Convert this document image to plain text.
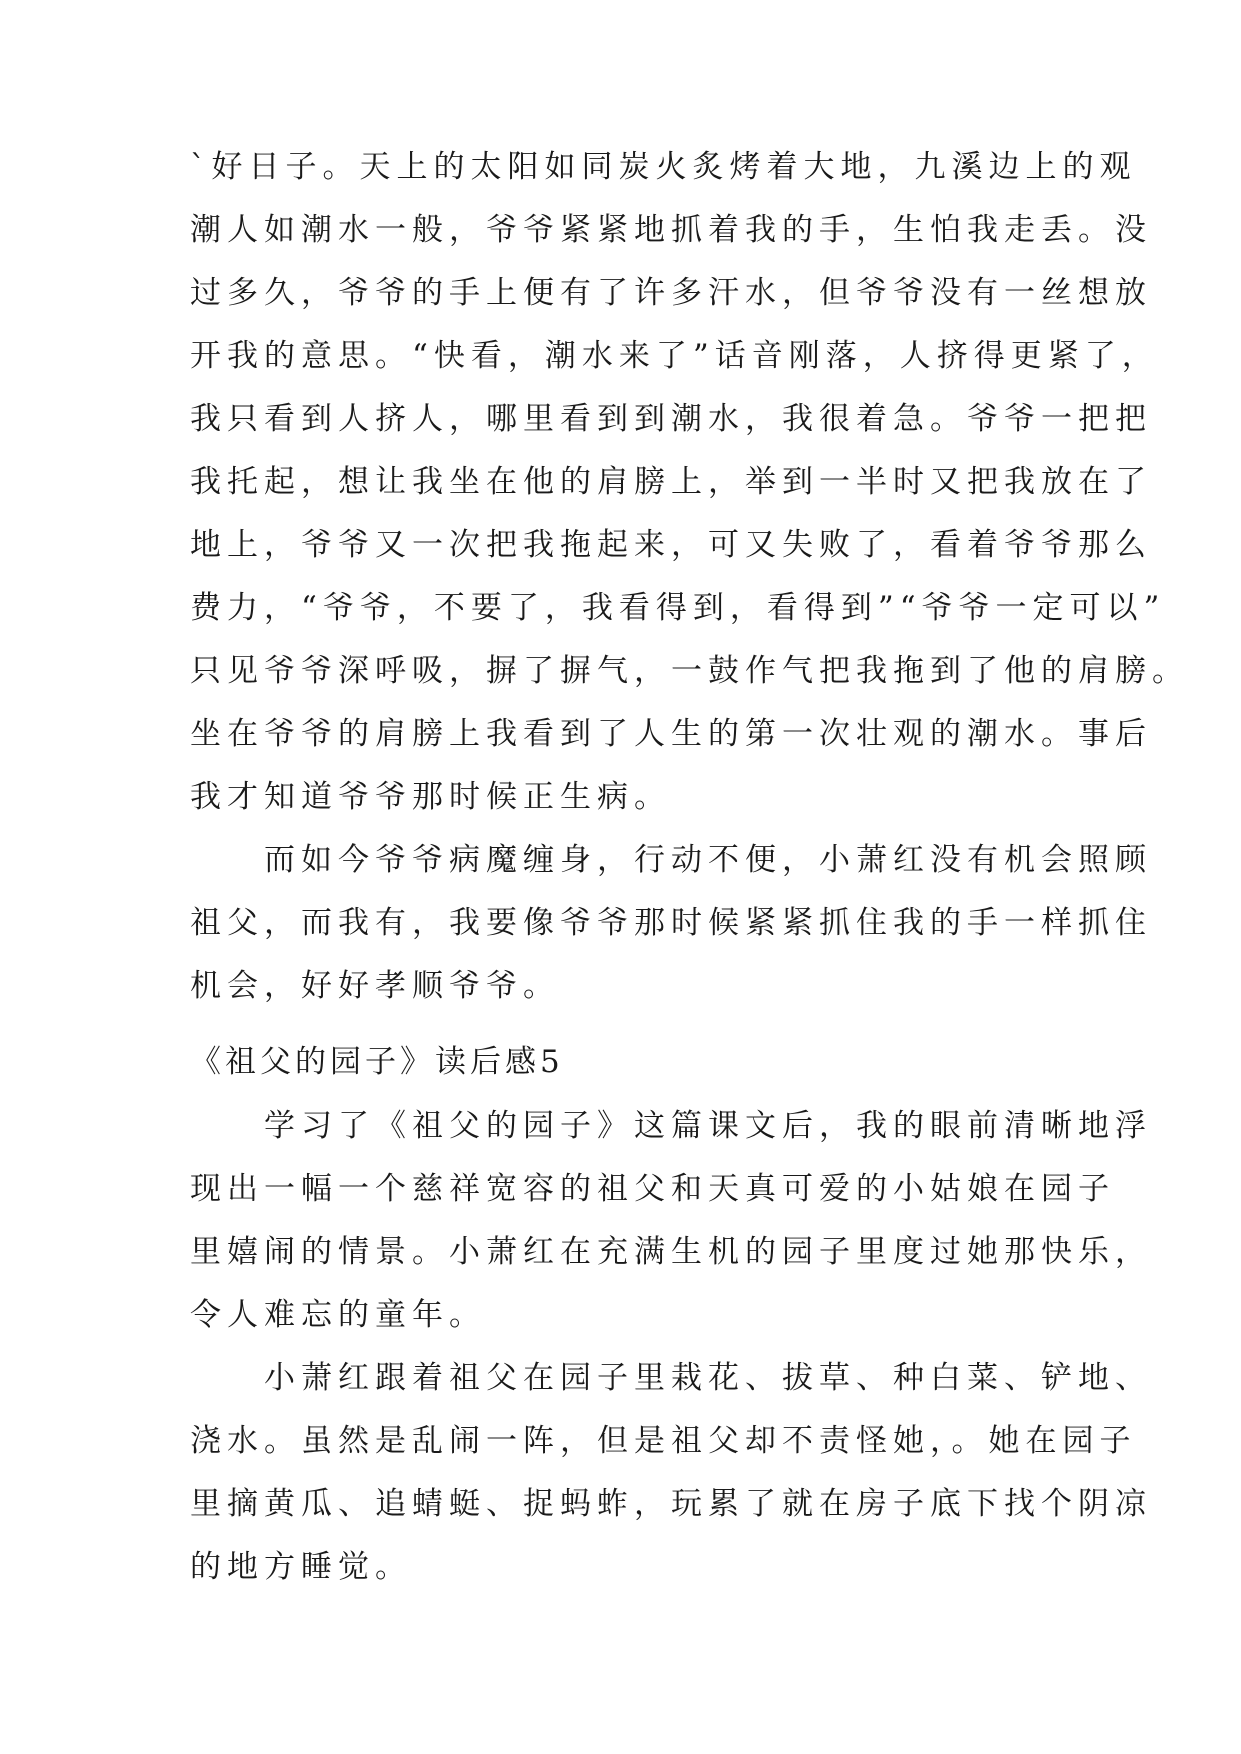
`好日子。天上的太阳如同炭火炙烤着大地，九溪边上的观
潮人如潮水一般，爷爷紧紧地抓着我的手，生怕我走丢。没
过多久，爷爷的手上便有了许多汗水，但爷爷没有一丝想放
开我的意思。“快看，潮水来了”话音刚落，人挤得更紧了，
我只看到人挤人，哪里看到到潮水，我很着急。爷爷一把把
我托起，想让我坐在他的肩膀上，举到一半时又把我放在了
地上，爷爷又一次把我拖起来，可又失败了，看着爷爷那么
费力，“爷爷，不要了，我看得到，看得到”“爷爷一定可以”
只见爷爷深呼吸，摒了摒气，一鼓作气把我拖到了他的肩膀。
坐在爷爷的肩膀上我看到了人生的第一次壮观的潮水。事后
我才知道爷爷那时候正生病。
而如今爷爷病魔缠身，行动不便，小萧红没有机会照顾
祖父，而我有，我要像爷爷那时候紧紧抓住我的手一样抓住
机会，好好孝顺爷爷。
《祖父的园子》读后感5
学习了《祖父的园子》这篇课文后，我的眼前清晰地浮
现出一幅一个慈祥宽容的祖父和天真可爱的小姑娘在园子
里嬉闹的情景。小萧红在充满生机的园子里度过她那快乐，
令人难忘的童年。
小萧红跟着祖父在园子里栽花、拔草、种白菜、铲地、
浇水。虽然是乱闹一阵，但是祖父却不责怪她，。她在园子
里摘黄瓜、追蜻蜓、捉蚂蚱，玩累了就在房子底下找个阴凉
的地方睡觉。
